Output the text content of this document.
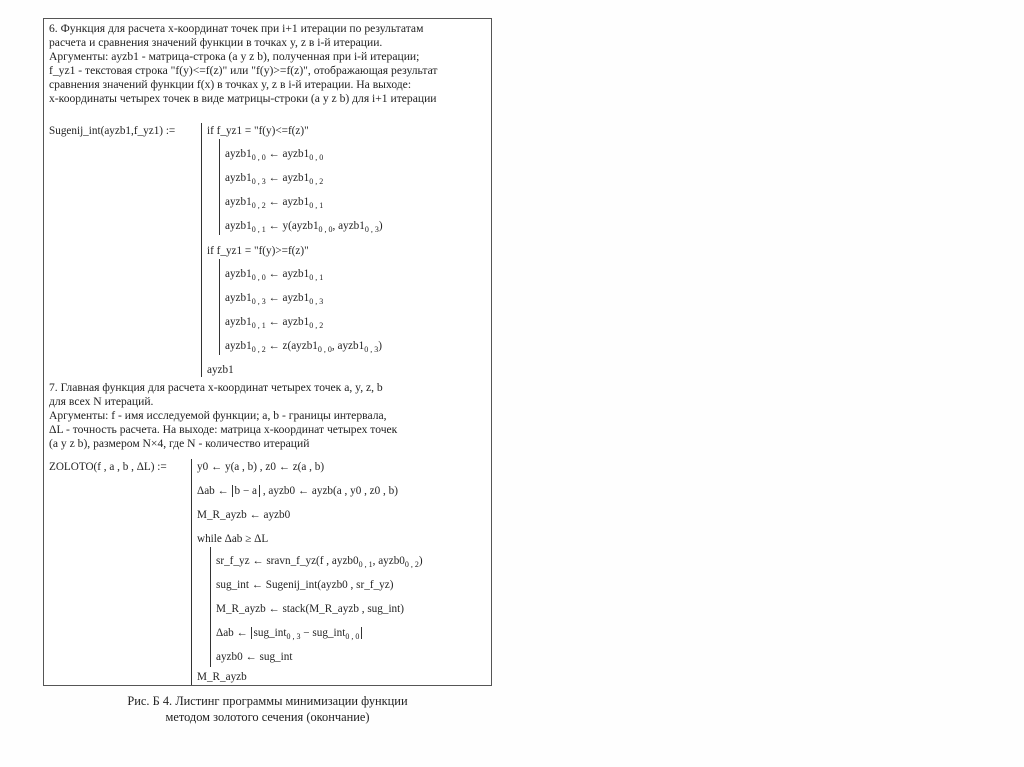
6. Функция для расчета x-координат точек при i+1 итерации по результатам
расчета и сравнения значений функции в точках y, z в i-й итерации.
Аргументы: ayzb1 - матрица-строка (a y z b), полученная при i-й итерации;
f_yz1 - текстовая строка "f(y)<=f(z)" или "f(y)>=f(z)", отображающая результат
сравнения значений функции f(x) в точках y, z в i-й итерации. На выходе:
x-координаты четырех точек в виде матрицы-строки (a y z b) для i+1 итерации
Sugenij_int(ayzb1,f_yz1) :=	if f_yz1 = "f(y)<=f(z)"
$ayzb1_{0 , 0}$ ← $ayzb1_{0 , 0}$
$ayzb1_{0 , 3}$ ← $ayzb1_{0 , 2}$
$ayzb1_{0 , 2}$ ← $ayzb1_{0 , 1}$
$ayzb1_{0 , 1}$ ← $y(ayzb1_{0 , 0}$, $ayzb1_{0 , 3}$)
if f_yz1 = "f(y)>=f(z)"
$ayzb1_{0 , 0}$ ← $ayzb1_{0 , 1}$
$ayzb1_{0 , 3}$ ← $ayzb1_{0 , 3}$
$ayzb1_{0 , 1}$ ← $ayzb1_{0 , 2}$
$ayzb1_{0 , 2}$ ← $z(ayzb1_{0 , 0}$, $ayzb1_{0 , 3}$)
ayzb1
7. Главная функция для расчета x-координат четырех точек a, y, z, b
для всех N итераций.
Аргументы: f - имя исследуемой функции; a, b - границы интервала,
ΔL - точность расчета. На выходе: матрица x-координат четырех точек
(a y z b), размером N×4, где N - количество итераций
ZOLOTO(f , a , b , ΔL) :=	y0 ← y(a , b) , z0 ← z(a , b)
Δab ← b − a , ayzb0 ← ayzb(a , y0 , z0 , b)
M_R_ayzb ← ayzb0
while Δab ≥ ΔL
sr_f_yz ← sravn_f_yz(f , $ayzb0_{0 , 1}$, $ayzb0_{0 , 2}$)
sug_int ← Sugenij_int(ayzb0 , sr_f_yz)
M_R_ayzb ← stack(M_R_ayzb , sug_int)
Δab ← sug_int$_{0 , 3}$ − sug_int$_{0 , 0}$
ayzb0 ← sug_int
M_R_ayzb
Рис. Б 4. Листинг программы минимизации функции
методом золотого сечения (окончание)
